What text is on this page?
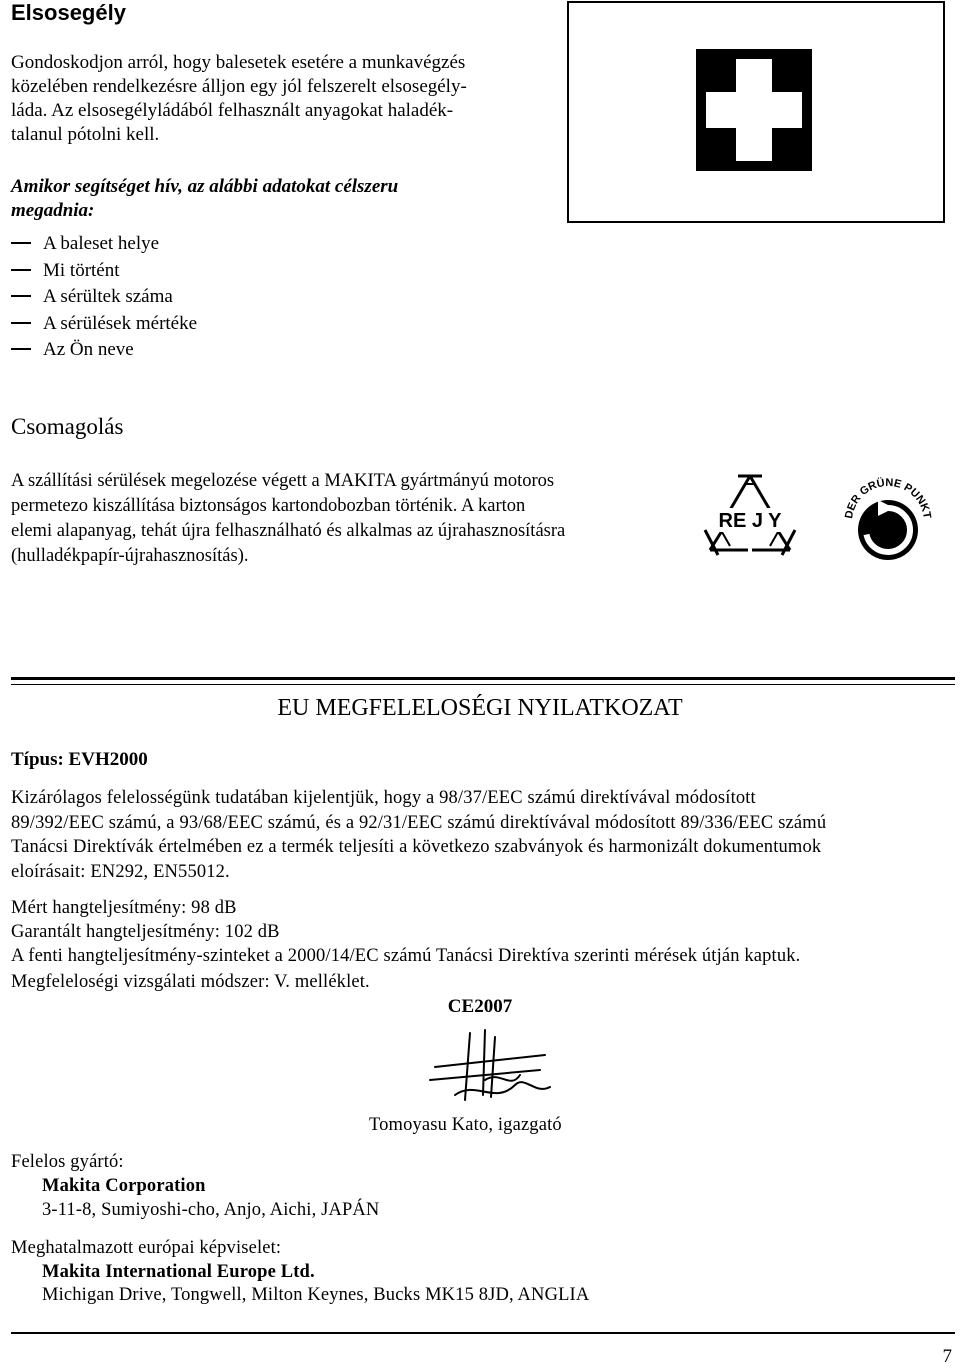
Elsosegély
Gondoskodjon arról, hogy balesetek esetére a munkavégzés
közelében rendelkezésre álljon egy jól felszerelt elsosegély-
láda. Az elsosegélyládából felhasznált anyagokat haladék-
talanul pótolni kell.
Amikor segítséget hív, az alábbi adatokat célszeru
megadnia:
A baleset helye
Mi történt
A sérültek száma
A sérülések mértéke
Az Ön neve
Csomagolás
A szállítási sérülések megelozése végett a MAKITA gyártmányú motoros
permetezo kiszállítása biztonságos kartondobozban történik. A karton
elemi alapanyag, tehát újra felhasználható és alkalmas az újrahasznosításra
(hulladékpapír-újrahasznosítás).
RE J Y	DER GRÜNE PUNKT
EU MEGFELELOSÉGI NYILATKOZAT
Típus: EVH2000
Kizárólagos felelosségünk tudatában kijelentjük, hogy a 98/37/EEC számú direktívával módosított
89/392/EEC számú, a 93/68/EEC számú, és a 92/31/EEC számú direktívával módosított 89/336/EEC számú
Tanácsi Direktívák értelmében ez a termék teljesíti a következo szabványok és harmonizált dokumentumok
eloírásait: EN292, EN55012.
Mért hangteljesítmény: 98 dB
Garantált hangteljesítmény: 102 dB
A fenti hangteljesítmény-szinteket a 2000/14/EC számú Tanácsi Direktíva szerinti mérések útján kaptuk.
Megfeleloségi vizsgálati módszer: V. melléklet.
CE2007
Tomoyasu Kato, igazgató
Felelos gyártó:
Makita Corporation
3-11-8, Sumiyoshi-cho, Anjo, Aichi, JAPÁN
Meghatalmazott európai képviselet:
Makita International Europe Ltd.
Michigan Drive, Tongwell, Milton Keynes, Bucks MK15 8JD, ANGLIA
7
